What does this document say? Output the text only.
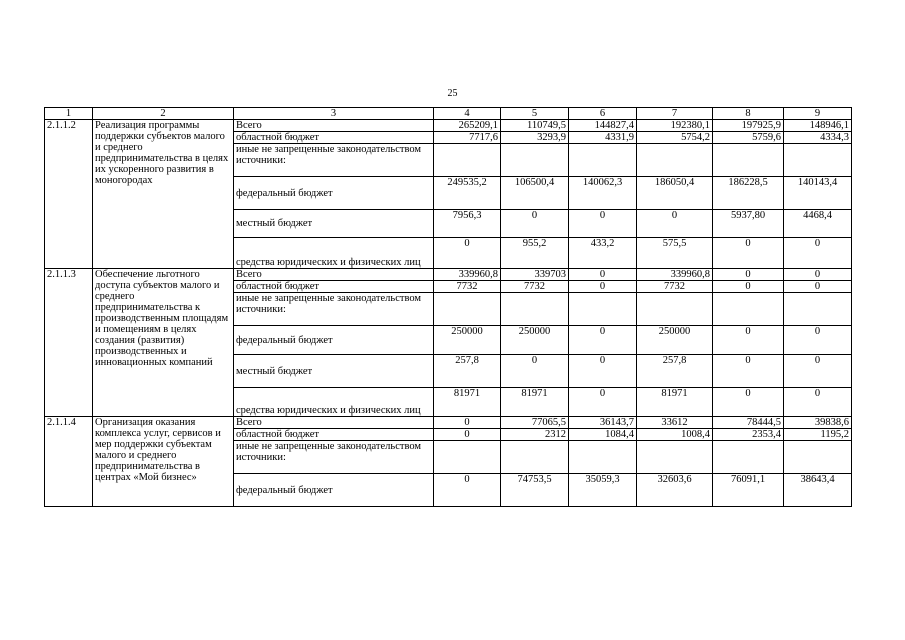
25
1	2	3	4	5	6	7	8	9
2.1.1.2	Реализация программы поддержки субъектов малого и среднего предпринимательства в целях их ускоренного развития в моногородах	Всего	265209,1	110749,5	144827,4	192380,1	197925,9	148946,1
		областной бюджет	7717,6	3293,9	4331,9	5754,2	5759,6	4334,3
		иные не запрещенные законодательством источники:						
		федеральный бюджет	249535,2	106500,4	140062,3	186050,4	186228,5	140143,4
		местный бюджет	7956,3	0	0	0	5937,80	4468,4
		средства юридических и физических лиц	0	955,2	433,2	575,5	0	0
2.1.1.3	Обеспечение льготного доступа субъектов малого и среднего предпринимательства к производственным площадям и помещениям в целях создания (развития) производственных и инновационных компаний	Всего	339960,8	339703	0	339960,8	0	0
		областной бюджет	7732	7732	0	7732	0	0
		иные не запрещенные законодательством источники:						
		федеральный бюджет	250000	250000	0	250000	0	0
		местный бюджет	257,8	0	0	257,8	0	0
		средства юридических и физических лиц	81971	81971	0	81971	0	0
2.1.1.4	Организация оказания комплекса услуг, сервисов и мер поддержки субъектам малого и среднего предпринимательства в центрах «Мой бизнес»	Всего	0	77065,5	36143,7	33612	78444,5	39838,6
		областной бюджет	0	2312	1084,4	1008,4	2353,4	1195,2
		иные не запрещенные законодательством источники:						
		федеральный бюджет	0	74753,5	35059,3	32603,6	76091,1	38643,4
